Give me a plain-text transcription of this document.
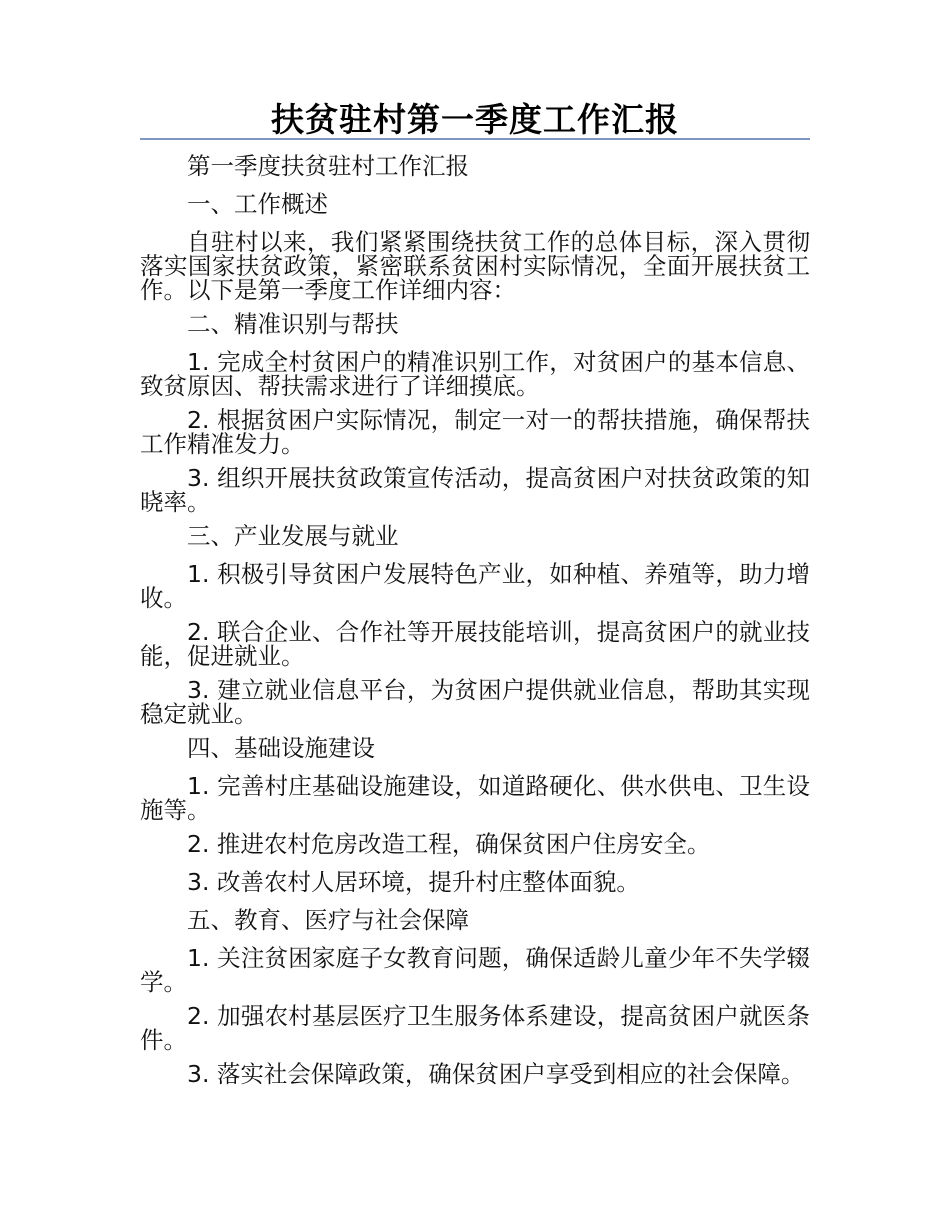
扶贫驻村第一季度工作汇报

第一季度扶贫驻村工作汇报

一、工作概述

自驻村以来，我们紧紧围绕扶贫工作的总体目标，深入贯彻落实国家扶贫政策，紧密联系贫困村实际情况，全面开展扶贫工作。以下是第一季度工作详细内容：

二、精准识别与帮扶

1. 完成全村贫困户的精准识别工作，对贫困户的基本信息、致贫原因、帮扶需求进行了详细摸底。

2. 根据贫困户实际情况，制定一对一的帮扶措施，确保帮扶工作精准发力。

3. 组织开展扶贫政策宣传活动，提高贫困户对扶贫政策的知晓率。

三、产业发展与就业

1. 积极引导贫困户发展特色产业，如种植、养殖等，助力增收。

2. 联合企业、合作社等开展技能培训，提高贫困户的就业技能，促进就业。

3. 建立就业信息平台，为贫困户提供就业信息，帮助其实现稳定就业。

四、基础设施建设

1. 完善村庄基础设施建设，如道路硬化、供水供电、卫生设施等。

2. 推进农村危房改造工程，确保贫困户住房安全。

3. 改善农村人居环境，提升村庄整体面貌。

五、教育、医疗与社会保障

1. 关注贫困家庭子女教育问题，确保适龄儿童少年不失学辍学。

2. 加强农村基层医疗卫生服务体系建设，提高贫困户就医条件。

3. 落实社会保障政策，确保贫困户享受到相应的社会保障。
